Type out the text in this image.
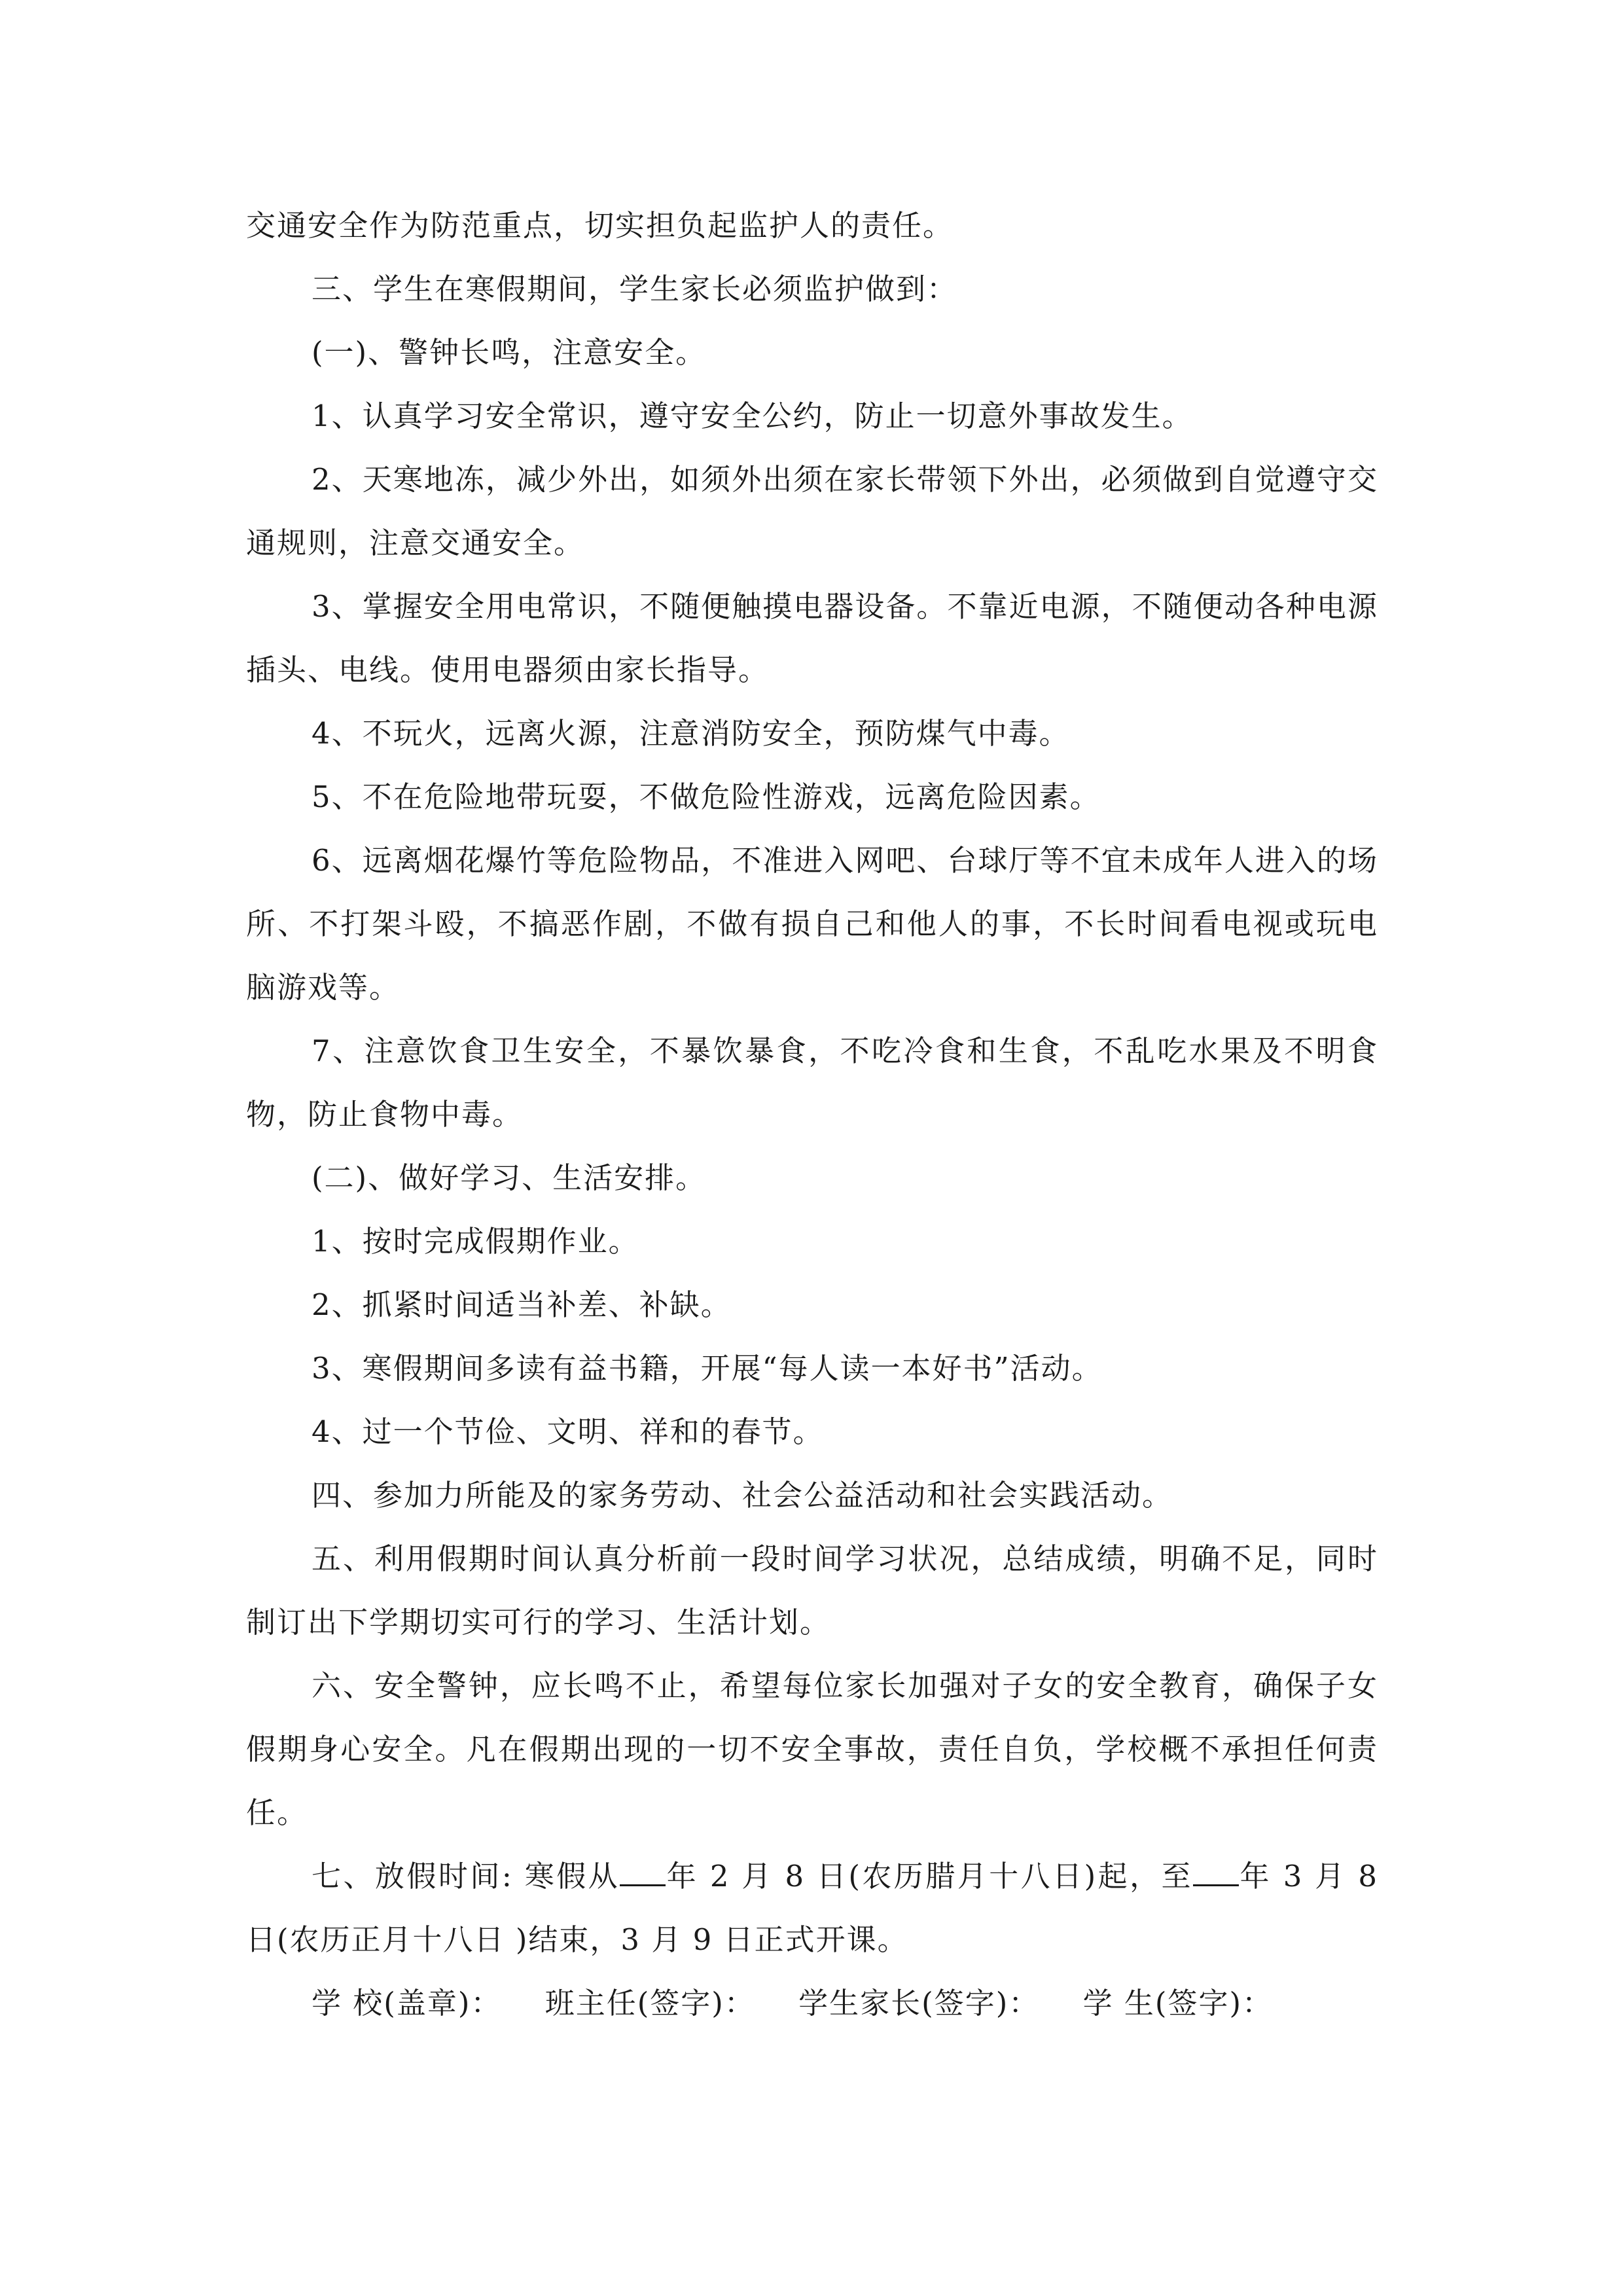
交通安全作为防范重点，切实担负起监护人的责任。

三、学生在寒假期间，学生家长必须监护做到：

(一)、警钟长鸣，注意安全。

1、认真学习安全常识，遵守安全公约，防止一切意外事故发生。

2、天寒地冻，减少外出，如须外出须在家长带领下外出，必须做到自觉遵守交通规则，注意交通安全。

3、掌握安全用电常识，不随便触摸电器设备。不靠近电源，不随便动各种电源插头、电线。使用电器须由家长指导。

4、不玩火，远离火源，注意消防安全，预防煤气中毒。

5、不在危险地带玩耍，不做危险性游戏，远离危险因素。

6、远离烟花爆竹等危险物品，不准进入网吧、台球厅等不宜未成年人进入的场所、不打架斗殴，不搞恶作剧，不做有损自己和他人的事，不长时间看电视或玩电脑游戏等。

7、注意饮食卫生安全，不暴饮暴食，不吃冷食和生食，不乱吃水果及不明食物，防止食物中毒。

(二)、做好学习、生活安排。

1、按时完成假期作业。

2、抓紧时间适当补差、补缺。

3、寒假期间多读有益书籍，开展“每人读一本好书”活动。

4、过一个节俭、文明、祥和的春节。

四、参加力所能及的家务劳动、社会公益活动和社会实践活动。

五、利用假期时间认真分析前一段时间学习状况，总结成绩，明确不足，同时制订出下学期切实可行的学习、生活计划。

六、安全警钟，应长鸣不止，希望每位家长加强对子女的安全教育，确保子女假期身心安全。凡在假期出现的一切不安全事故，责任自负，学校概不承担任何责任。

七、放假时间: 寒假从 年 2 月 8 日(农历腊月十八日)起，至 年 3 月 8 日(农历正月十八日 )结束，3 月 9 日正式开课。

学 校(盖章)： 班主任(签字)： 学生家长(签字)： 学 生(签字)：
